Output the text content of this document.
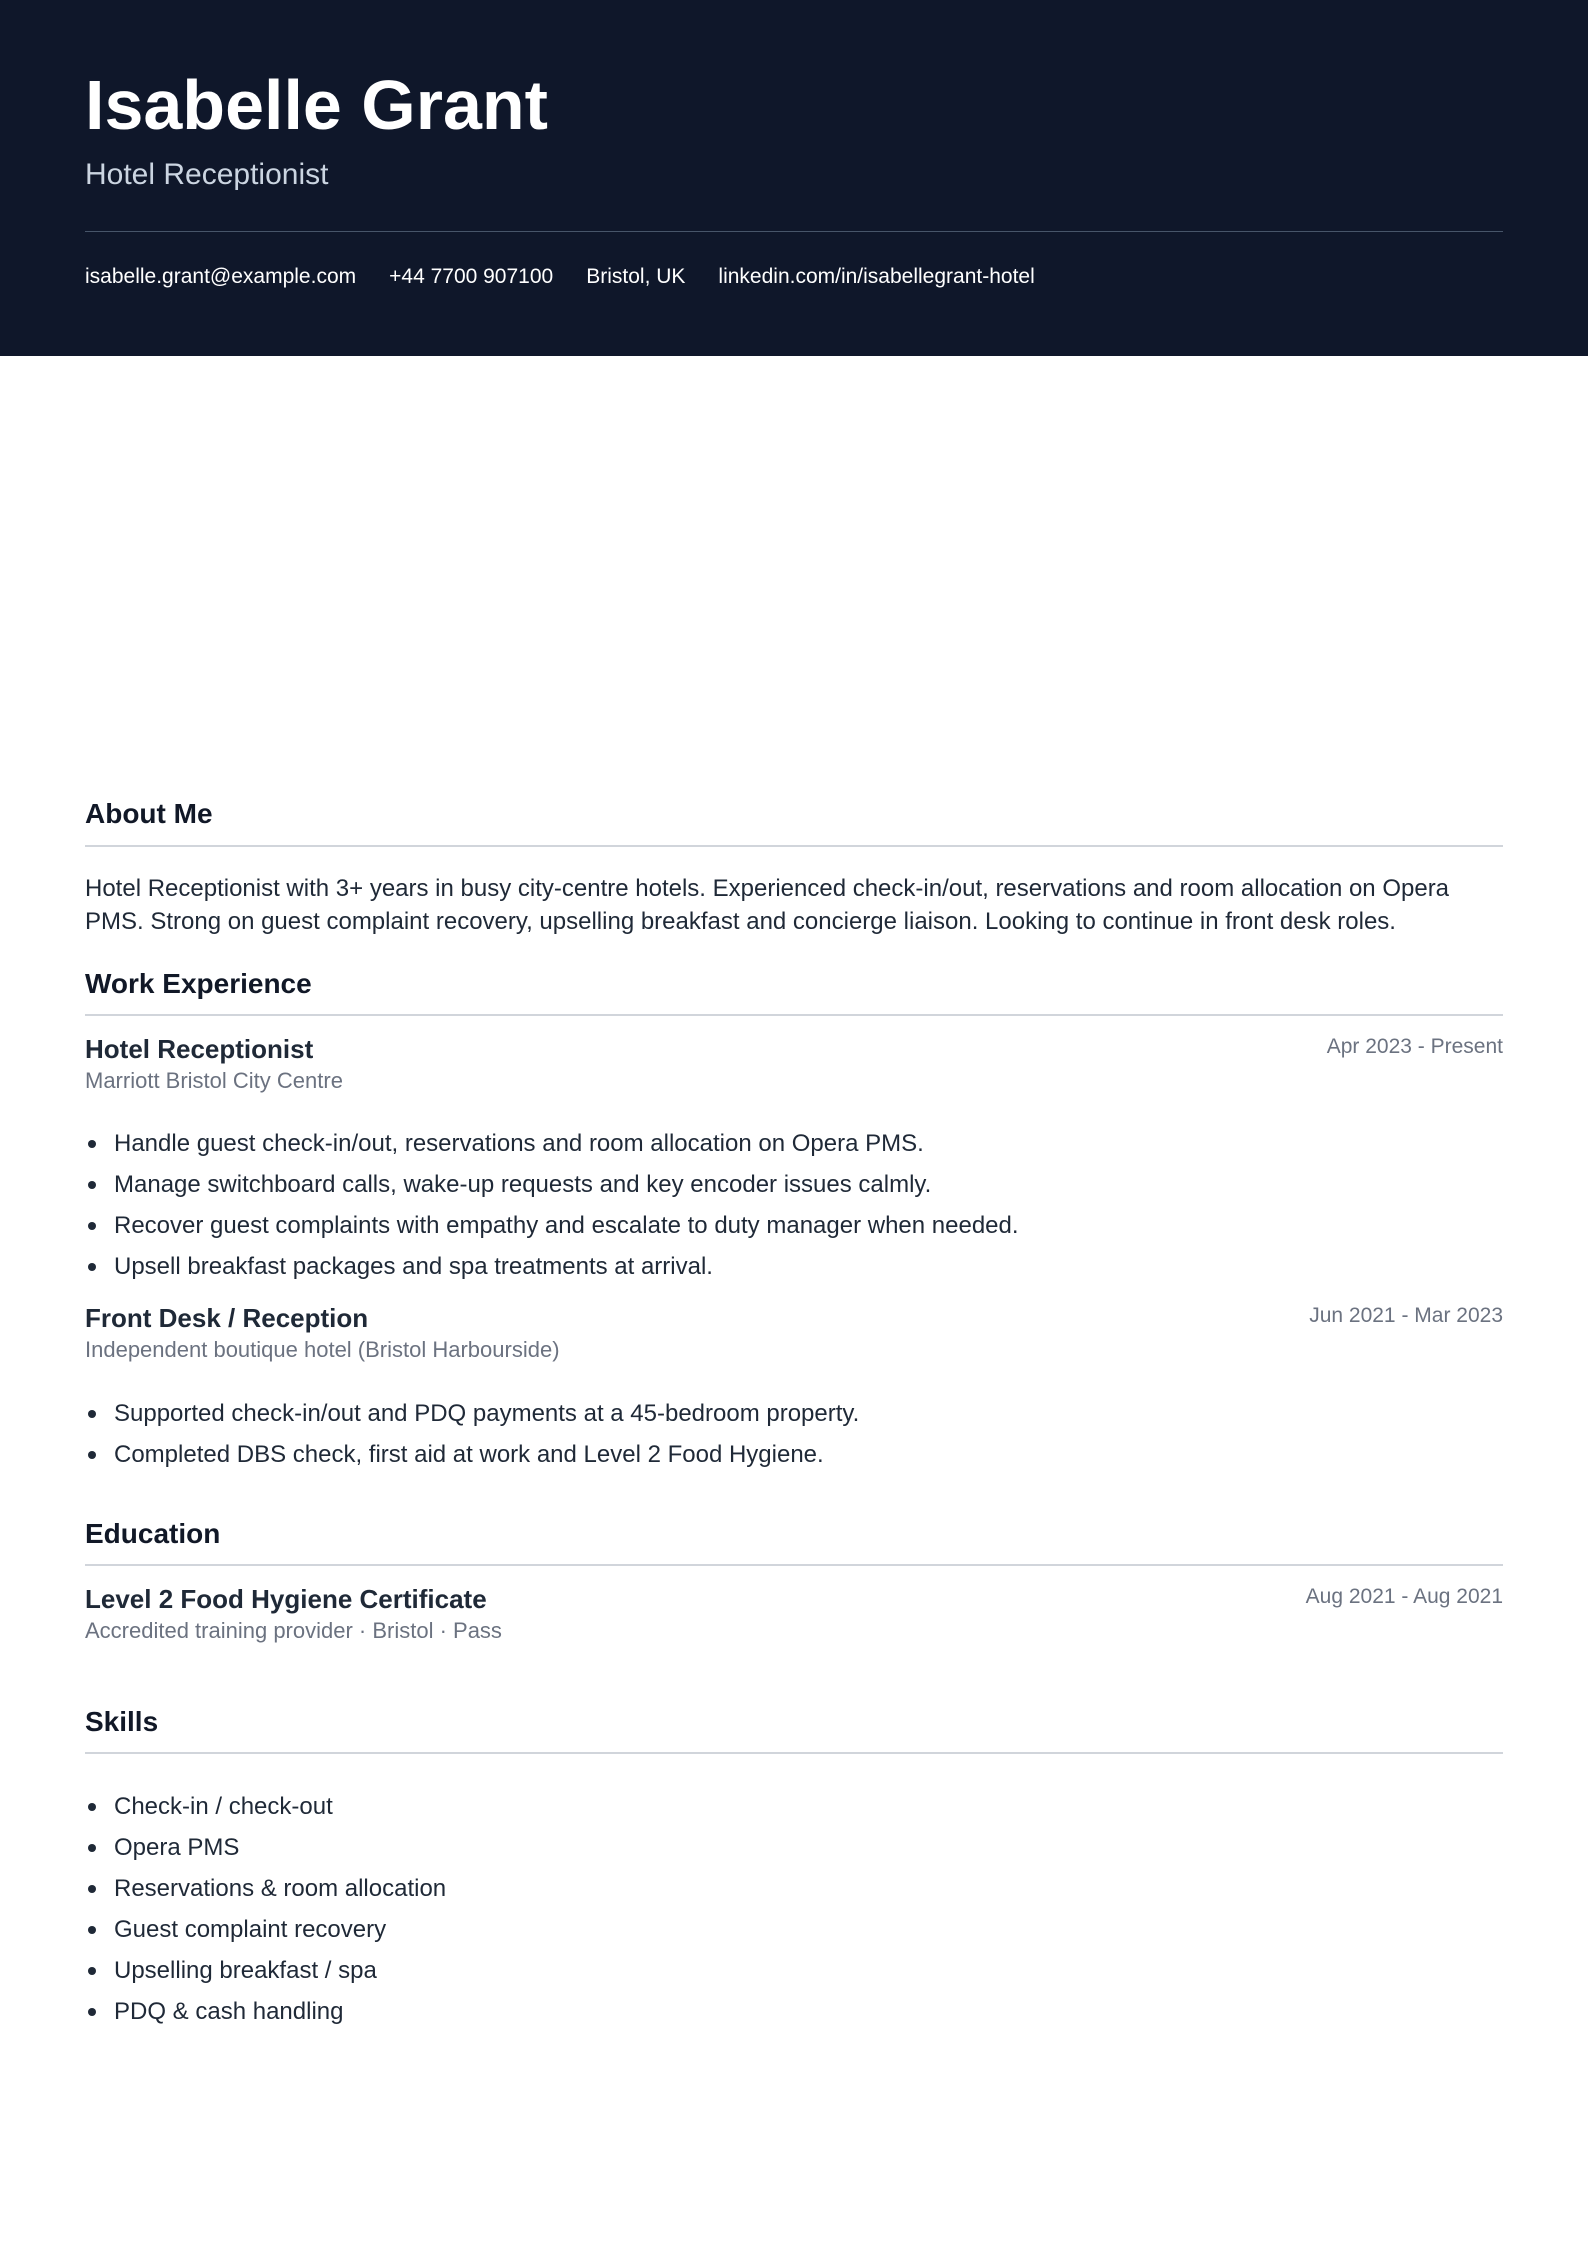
Isabelle Grant
Hotel Receptionist
isabelle.grant@example.com +44 7700 907100 Bristol, UK linkedin.com/in/isabellegrant-hotel
About Me
Hotel Receptionist with 3+ years in busy city-centre hotels. Experienced check-in/out, reservations and room allocation on Opera PMS. Strong on guest complaint recovery, upselling breakfast and concierge liaison. Looking to continue in front desk roles.
Work Experience
Hotel Receptionist	Apr 2023 - Present
Marriott Bristol City Centre
Handle guest check-in/out, reservations and room allocation on Opera PMS.
Manage switchboard calls, wake-up requests and key encoder issues calmly.
Recover guest complaints with empathy and escalate to duty manager when needed.
Upsell breakfast packages and spa treatments at arrival.
Front Desk / Reception	Jun 2021 - Mar 2023
Independent boutique hotel (Bristol Harbourside)
Supported check-in/out and PDQ payments at a 45-bedroom property.
Completed DBS check, first aid at work and Level 2 Food Hygiene.
Education
Level 2 Food Hygiene Certificate	Aug 2021 - Aug 2021
Accredited training provider · Bristol · Pass
Skills
Check-in / check-out
Opera PMS
Reservations & room allocation
Guest complaint recovery
Upselling breakfast / spa
PDQ & cash handling
